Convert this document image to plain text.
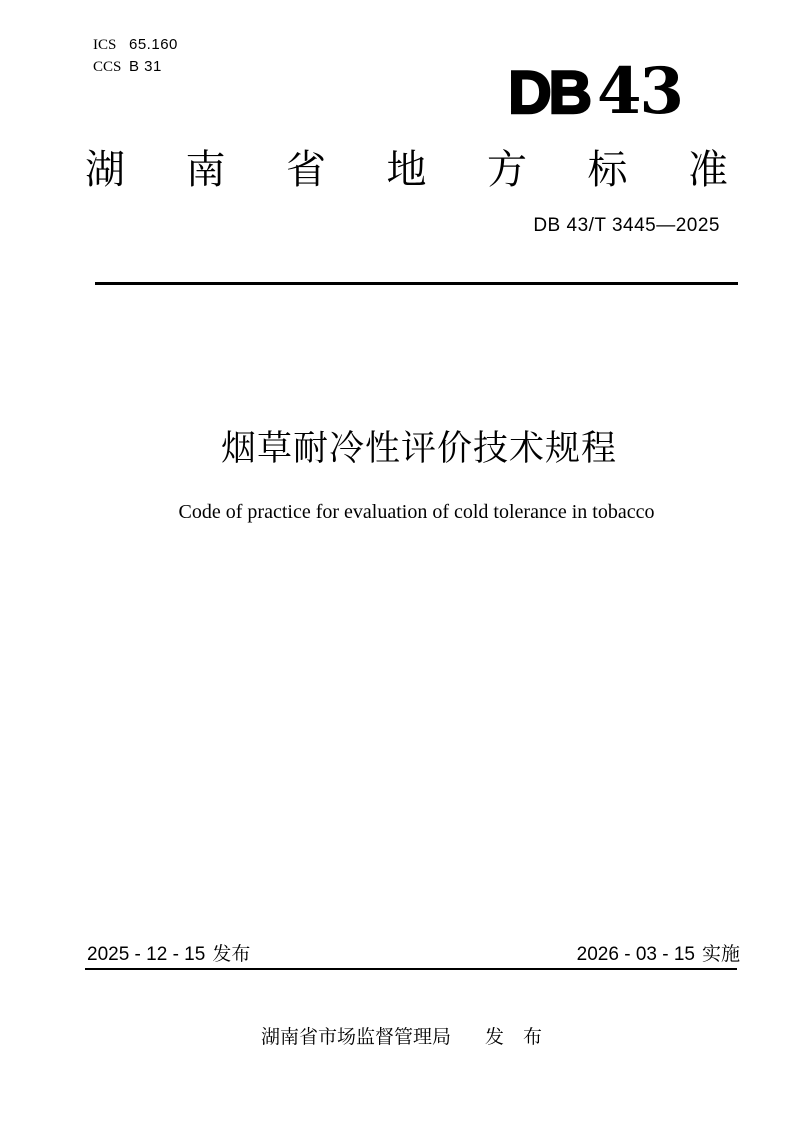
ICS 65.160
CCS B 31	DB 43
湖 南 省 地 方 标 准
DB 43/T 3445—2025
烟草耐冷性评价技术规程
Code of practice for evaluation of cold tolerance in tobacco
2025 - 12 - 15 发布	2026 - 03 - 15 实施
湖南省市场监督管理局 发　布
